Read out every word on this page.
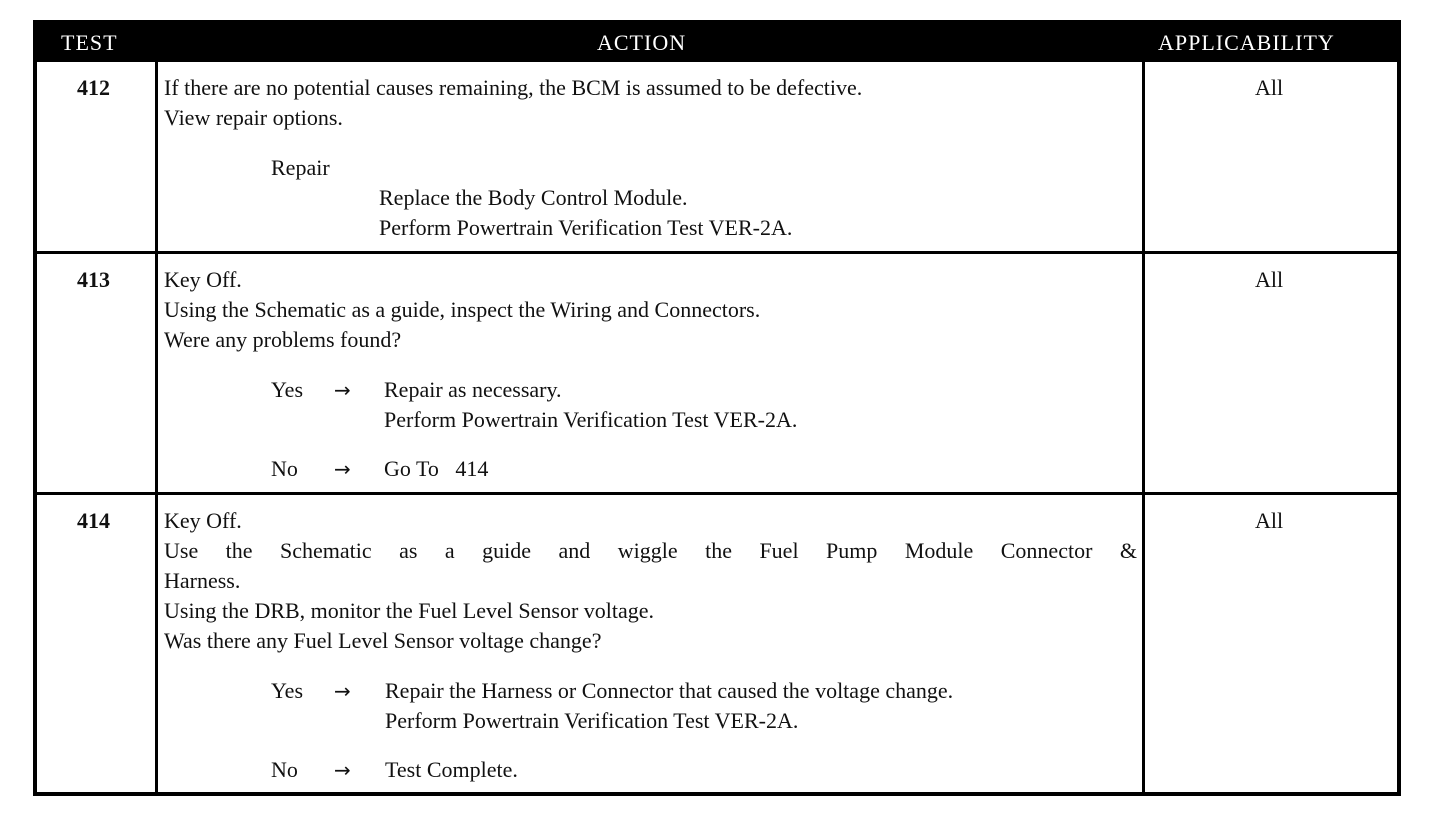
TEST	ACTION	APPLICABILITY
412 If there are no potential causes remaining, the BCM is assumed to be defective.
View repair options.
Repair
Replace the Body Control Module.
Perform Powertrain Verification Test VER-2A.
All
413 Key Off.
Using the Schematic as a guide, inspect the Wiring and Connectors.
Were any problems found?
Yes → Repair as necessary.
Perform Powertrain Verification Test VER-2A.
No → Go To   414
All
414 Key Off.
Use the Schematic as a guide and wiggle the Fuel Pump Module Connector &
Harness.
Using the DRB, monitor the Fuel Level Sensor voltage.
Was there any Fuel Level Sensor voltage change?
Yes → Repair the Harness or Connector that caused the voltage change.
Perform Powertrain Verification Test VER-2A.
No → Test Complete.
All
